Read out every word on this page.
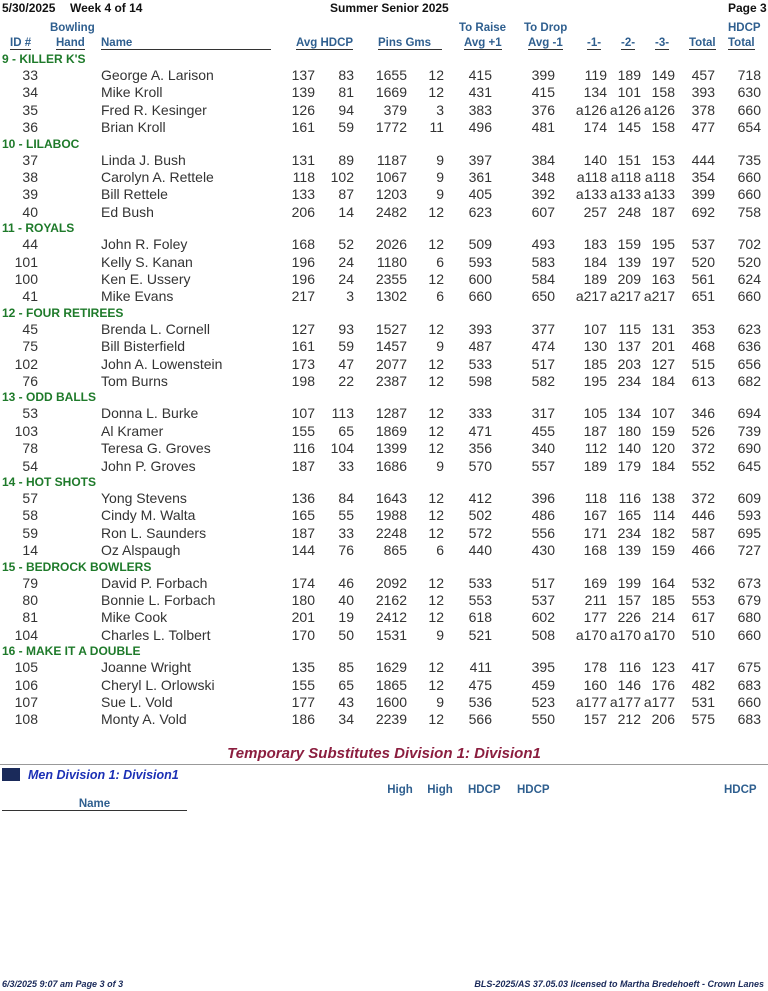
5/30/2025 Week 4 of 14	Summer Senior 2025	Page 3
Bowling	To Raise To Drop	HDCP
ID # Hand Name	Avg HDCP Pins Gms	Avg +1 Avg -1 -1- -2- -3- Total Total
9 - KILLER K'S
33	George A. Larison	137 83 1655 12 415	399 119 189 149 457 718
34	Mike Kroll	139 81 1669 12 431	415 134 101 158 393 630
35	Fred R. Kesinger	126 94 379 3 383	376 a126 a126 a126 378 660
36	Brian Kroll	161 59 1772 11 496	481 174 145 158 477 654
10 - LILABOC
37	Linda J. Bush	131 89 1187 9 397	384 140 151 153 444 735
38	Carolyn A. Rettele	118 102 1067 9 361	348 a118 a118 a118 354 660
39	Bill Rettele	133 87 1203 9 405	392 a133 a133 a133 399 660
40	Ed Bush	206 14 2482 12 623	607 257 248 187 692 758
11 - ROYALS
44	John R. Foley	168 52 2026 12 509	493 183 159 195 537 702
101	Kelly S. Kanan	196 24 1180 6 593	583 184 139 197 520 520
100	Ken E. Ussery	196 24 2355 12 600	584 189 209 163 561 624
41	Mike Evans	217 3 1302 6 660	650 a217 a217 a217 651 660
12 - FOUR RETIREES
45	Brenda L. Cornell	127 93 1527 12 393	377 107 115 131 353 623
75	Bill Bisterfield	161 59 1457 9 487	474 130 137 201 468 636
102	John A. Lowenstein	173 47 2077 12 533	517 185 203 127 515 656
76	Tom Burns	198 22 2387 12 598	582 195 234 184 613 682
13 - ODD BALLS
53	Donna L. Burke	107 113 1287 12 333	317 105 134 107 346 694
103	Al Kramer	155 65 1869 12 471	455 187 180 159 526 739
78	Teresa G. Groves	116 104 1399 12 356	340 112 140 120 372 690
54	John P. Groves	187 33 1686 9 570	557 189 179 184 552 645
14 - HOT SHOTS
57	Yong Stevens	136 84 1643 12 412	396 118 116 138 372 609
58	Cindy M. Walta	165 55 1988 12 502	486 167 165 114 446 593
59	Ron L. Saunders	187 33 2248 12 572	556 171 234 182 587 695
14	Oz Alspaugh	144 76 865 6 440	430 168 139 159 466 727
15 - BEDROCK BOWLERS
79	David P. Forbach	174 46 2092 12 533	517 169 199 164 532 673
80	Bonnie L. Forbach	180 40 2162 12 553	537 211 157 185 553 679
81	Mike Cook	201 19 2412 12 618	602 177 226 214 617 680
104	Charles L. Tolbert	170 50 1531 9 521	508 a170 a170 a170 510 660
16 - MAKE IT A DOUBLE
105	Joanne Wright	135 85 1629 12 411	395 178 116 123 417 675
106	Cheryl L. Orlowski	155 65 1865 12 475	459 160 146 176 482 683
107	Sue L. Vold	177 43 1600 9 536	523 a177 a177 a177 531 660
108	Monty A. Vold	186 34 2239 12 566	550 157 212 206 575 683
Temporary Substitutes Division 1: Division1
Men Division 1: Division1
High High HDCP HDCP	HDCP
Name
6/3/2025 9:07 am Page 3 of 3	BLS-2025/AS 37.05.03 licensed to Martha Bredehoeft - Crown Lanes
